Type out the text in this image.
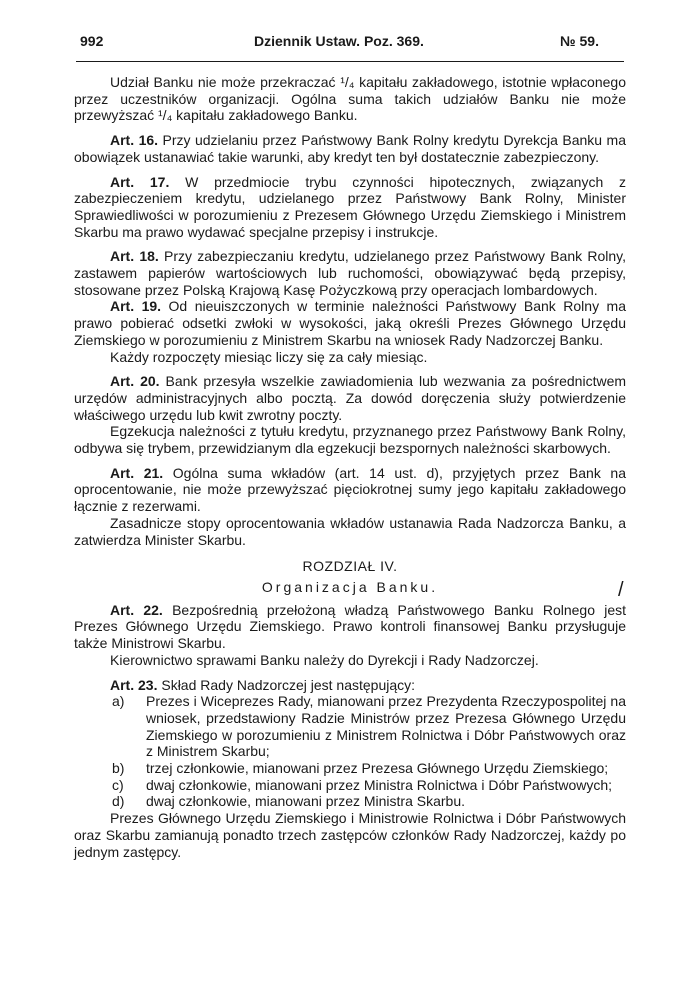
992	Dziennik Ustaw. Poz. 369.	№ 59.

Udział Banku nie może przekraczać ¹/₄ kapitału zakładowego, istotnie wpłaconego przez uczestników organizacji. Ogólna suma takich udziałów Banku nie może przewyższać ¹/₄ kapitału zakładowego Banku.

Art. 16. Przy udzielaniu przez Państwowy Bank Rolny kredytu Dyrekcja Banku ma obowiązek ustanawiać takie warunki, aby kredyt ten był dostatecznie zabezpieczony.

Art. 17. W przedmiocie trybu czynności hipotecznych, związanych z zabezpieczeniem kredytu, udzielanego przez Państwowy Bank Rolny, Minister Sprawiedliwości w porozumieniu z Prezesem Głównego Urzędu Ziemskiego i Ministrem Skarbu ma prawo wydawać specjalne przepisy i instrukcje.

Art. 18. Przy zabezpieczaniu kredytu, udzielanego przez Państwowy Bank Rolny, zastawem papierów wartościowych lub ruchomości, obowiązywać będą przepisy, stosowane przez Polską Krajową Kasę Pożyczkową przy operacjach lombardowych.

Art. 19. Od nieuiszczonych w terminie należności Państwowy Bank Rolny ma prawo pobierać odsetki zwłoki w wysokości, jaką określi Prezes Głównego Urzędu Ziemskiego w porozumieniu z Ministrem Skarbu na wniosek Rady Nadzorczej Banku.

Każdy rozpoczęty miesiąc liczy się za cały miesiąc.

Art. 20. Bank przesyła wszelkie zawiadomienia lub wezwania za pośrednictwem urzędów administracyjnych albo pocztą. Za dowód doręczenia służy potwierdzenie właściwego urzędu lub kwit zwrotny poczty.

Egzekucja należności z tytułu kredytu, przyznanego przez Państwowy Bank Rolny, odbywa się trybem, przewidzianym dla egzekucji bezspornych należności skarbowych.

Art. 21. Ogólna suma wkładów (art. 14 ust. d), przyjętych przez Bank na oprocentowanie, nie może przewyższać pięciokrotnej sumy jego kapitału zakładowego łącznie z rezerwami.

Zasadnicze stopy oprocentowania wkładów ustanawia Rada Nadzorcza Banku, a zatwierdza Minister Skarbu.

ROZDZIAŁ IV.

Organizacja Banku.

Art. 22. Bezpośrednią przełożoną władzą Państwowego Banku Rolnego jest Prezes Głównego Urzędu Ziemskiego. Prawo kontroli finansowej Banku przysługuje także Ministrowi Skarbu.

Kierownictwo sprawami Banku należy do Dyrekcji i Rady Nadzorczej.

Art. 23. Skład Rady Nadzorczej jest następujący:

a)	Prezes i Wiceprezes Rady, mianowani przez Prezydenta Rzeczypospolitej na wniosek, przedstawiony Radzie Ministrów przez Prezesa Głównego Urzędu Ziemskiego w porozumieniu z Ministrem Rolnictwa i Dóbr Państwowych oraz z Ministrem Skarbu;
b)	trzej członkowie, mianowani przez Prezesa Głównego Urzędu Ziemskiego;
c)	dwaj członkowie, mianowani przez Ministra Rolnictwa i Dóbr Państwowych;
d)	dwaj członkowie, mianowani przez Ministra Skarbu.

Prezes Głównego Urzędu Ziemskiego i Ministrowie Rolnictwa i Dóbr Państwowych oraz Skarbu zamianują ponadto trzech zastępców członków Rady Nadzorczej, każdy po jednym zastępcy.

/
